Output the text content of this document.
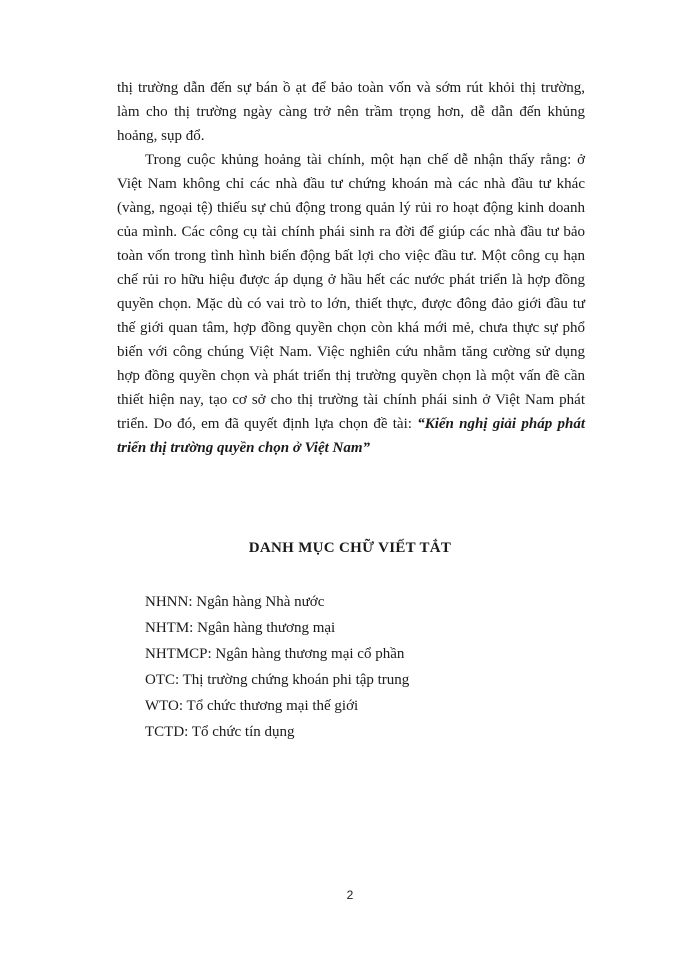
thị trường dẫn đến sự bán ồ ạt để bảo toàn vốn và sớm rút khỏi thị trường, làm cho thị trường ngày càng trở nên trầm trọng hơn, dễ dẫn đến khủng hoảng, sụp đổ.

Trong cuộc khủng hoảng tài chính, một hạn chế dễ nhận thấy rằng: ở Việt Nam không chỉ các nhà đầu tư chứng khoán mà các nhà đầu tư khác (vàng, ngoại tệ) thiếu sự chủ động trong quản lý rủi ro hoạt động kinh doanh của mình. Các công cụ tài chính phái sinh ra đời để giúp các nhà đầu tư bảo toàn vốn trong tình hình biến động bất lợi cho việc đầu tư. Một công cụ hạn chế rủi ro hữu hiệu được áp dụng ở hầu hết các nước phát triển là hợp đồng quyền chọn. Mặc dù có vai trò to lớn, thiết thực, được đông đảo giới đầu tư thế giới quan tâm, hợp đồng quyền chọn còn khá mới mẻ, chưa thực sự phổ biến với công chúng Việt Nam. Việc nghiên cứu nhằm tăng cường sử dụng hợp đồng quyền chọn và phát triển thị trường quyền chọn là một vấn đề cần thiết hiện nay, tạo cơ sở cho thị trường tài chính phái sinh ở Việt Nam phát triển. Do đó, em đã quyết định lựa chọn đề tài: “Kiến nghị giải pháp phát triển thị trường quyền chọn ở Việt Nam”

DANH MỤC CHỮ VIẾT TẮT
NHNN: Ngân hàng Nhà nước
NHTM: Ngân hàng thương mại
NHTMCP: Ngân hàng thương mại cổ phần
OTC: Thị trường chứng khoán phi tập trung
WTO: Tổ chức thương mại thế giới
TCTD: Tổ chức tín dụng
2
